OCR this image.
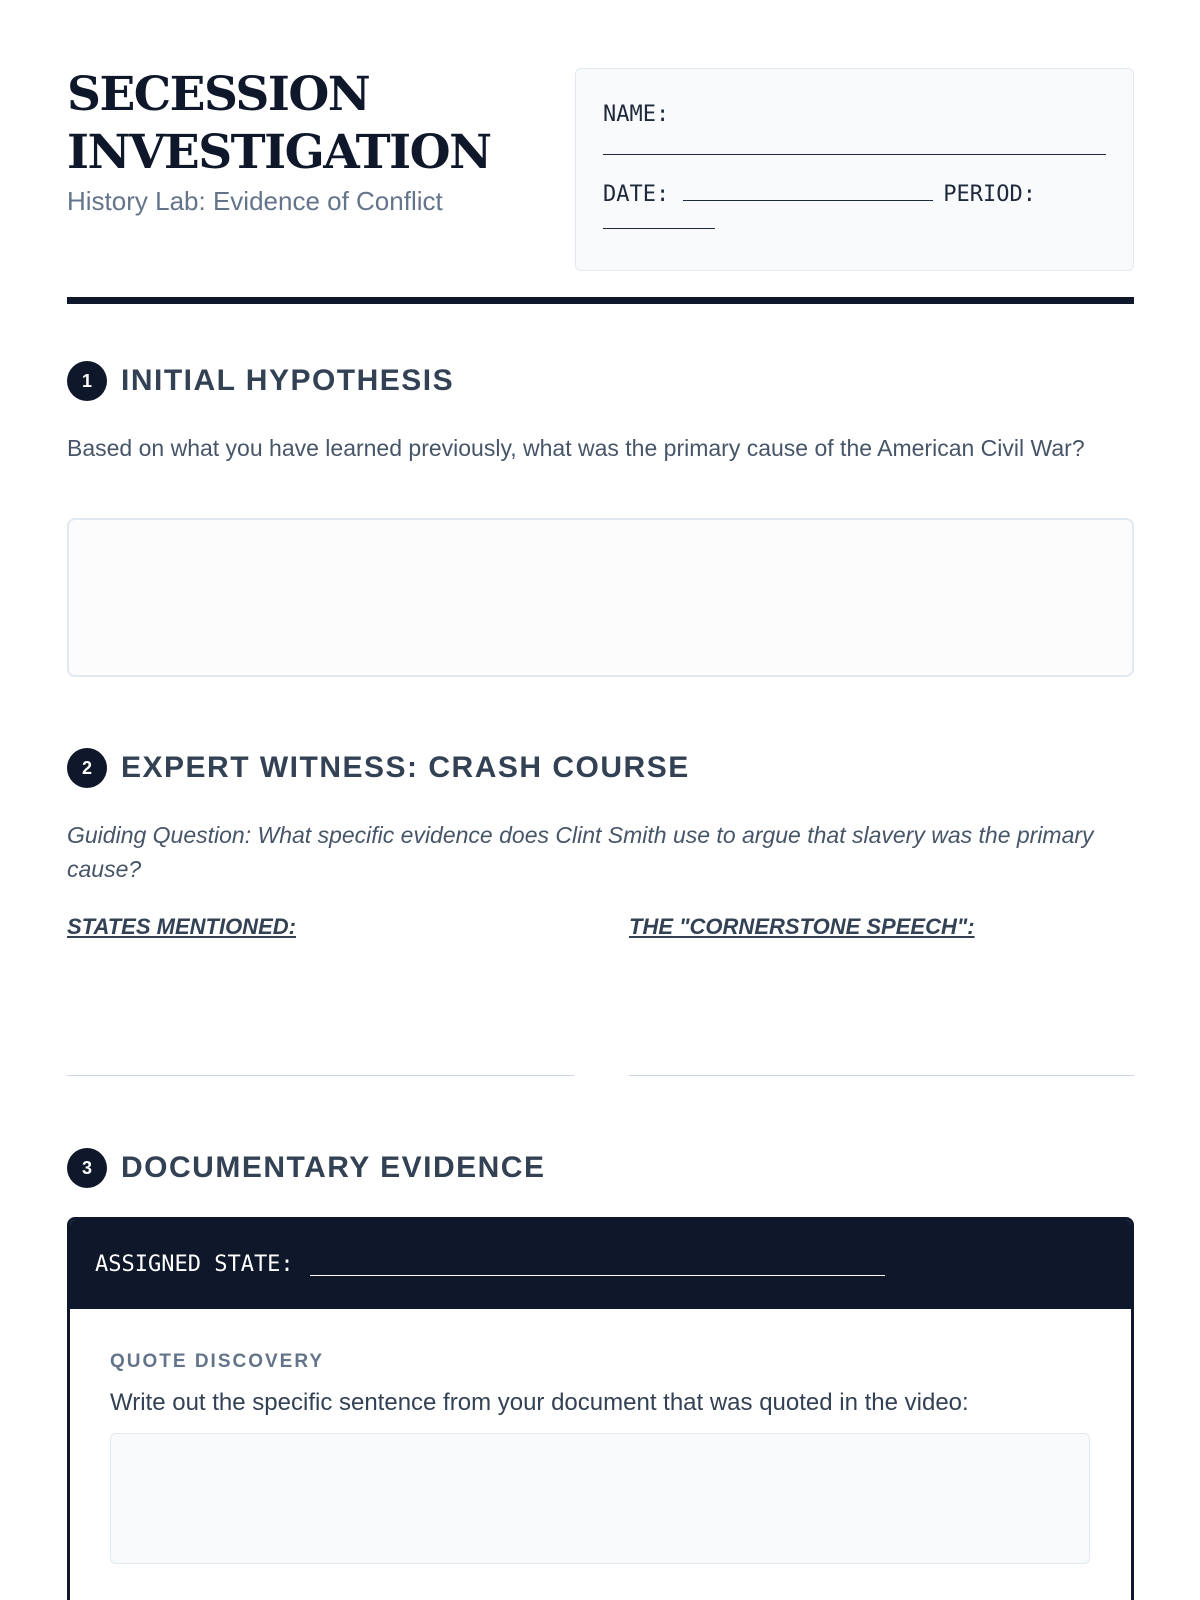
SECESSION
INVESTIGATION
History Lab: Evidence of Conflict
NAME:
DATE:	PERIOD:
1 INITIAL HYPOTHESIS
Based on what you have learned previously, what was the primary cause of the American Civil War?
2 EXPERT WITNESS: CRASH COURSE
Guiding Question: What specific evidence does Clint Smith use to argue that slavery was the primary cause?
STATES MENTIONED:	THE "CORNERSTONE SPEECH":
3 DOCUMENTARY EVIDENCE
ASSIGNED STATE:
QUOTE DISCOVERY
Write out the specific sentence from your document that was quoted in the video:
